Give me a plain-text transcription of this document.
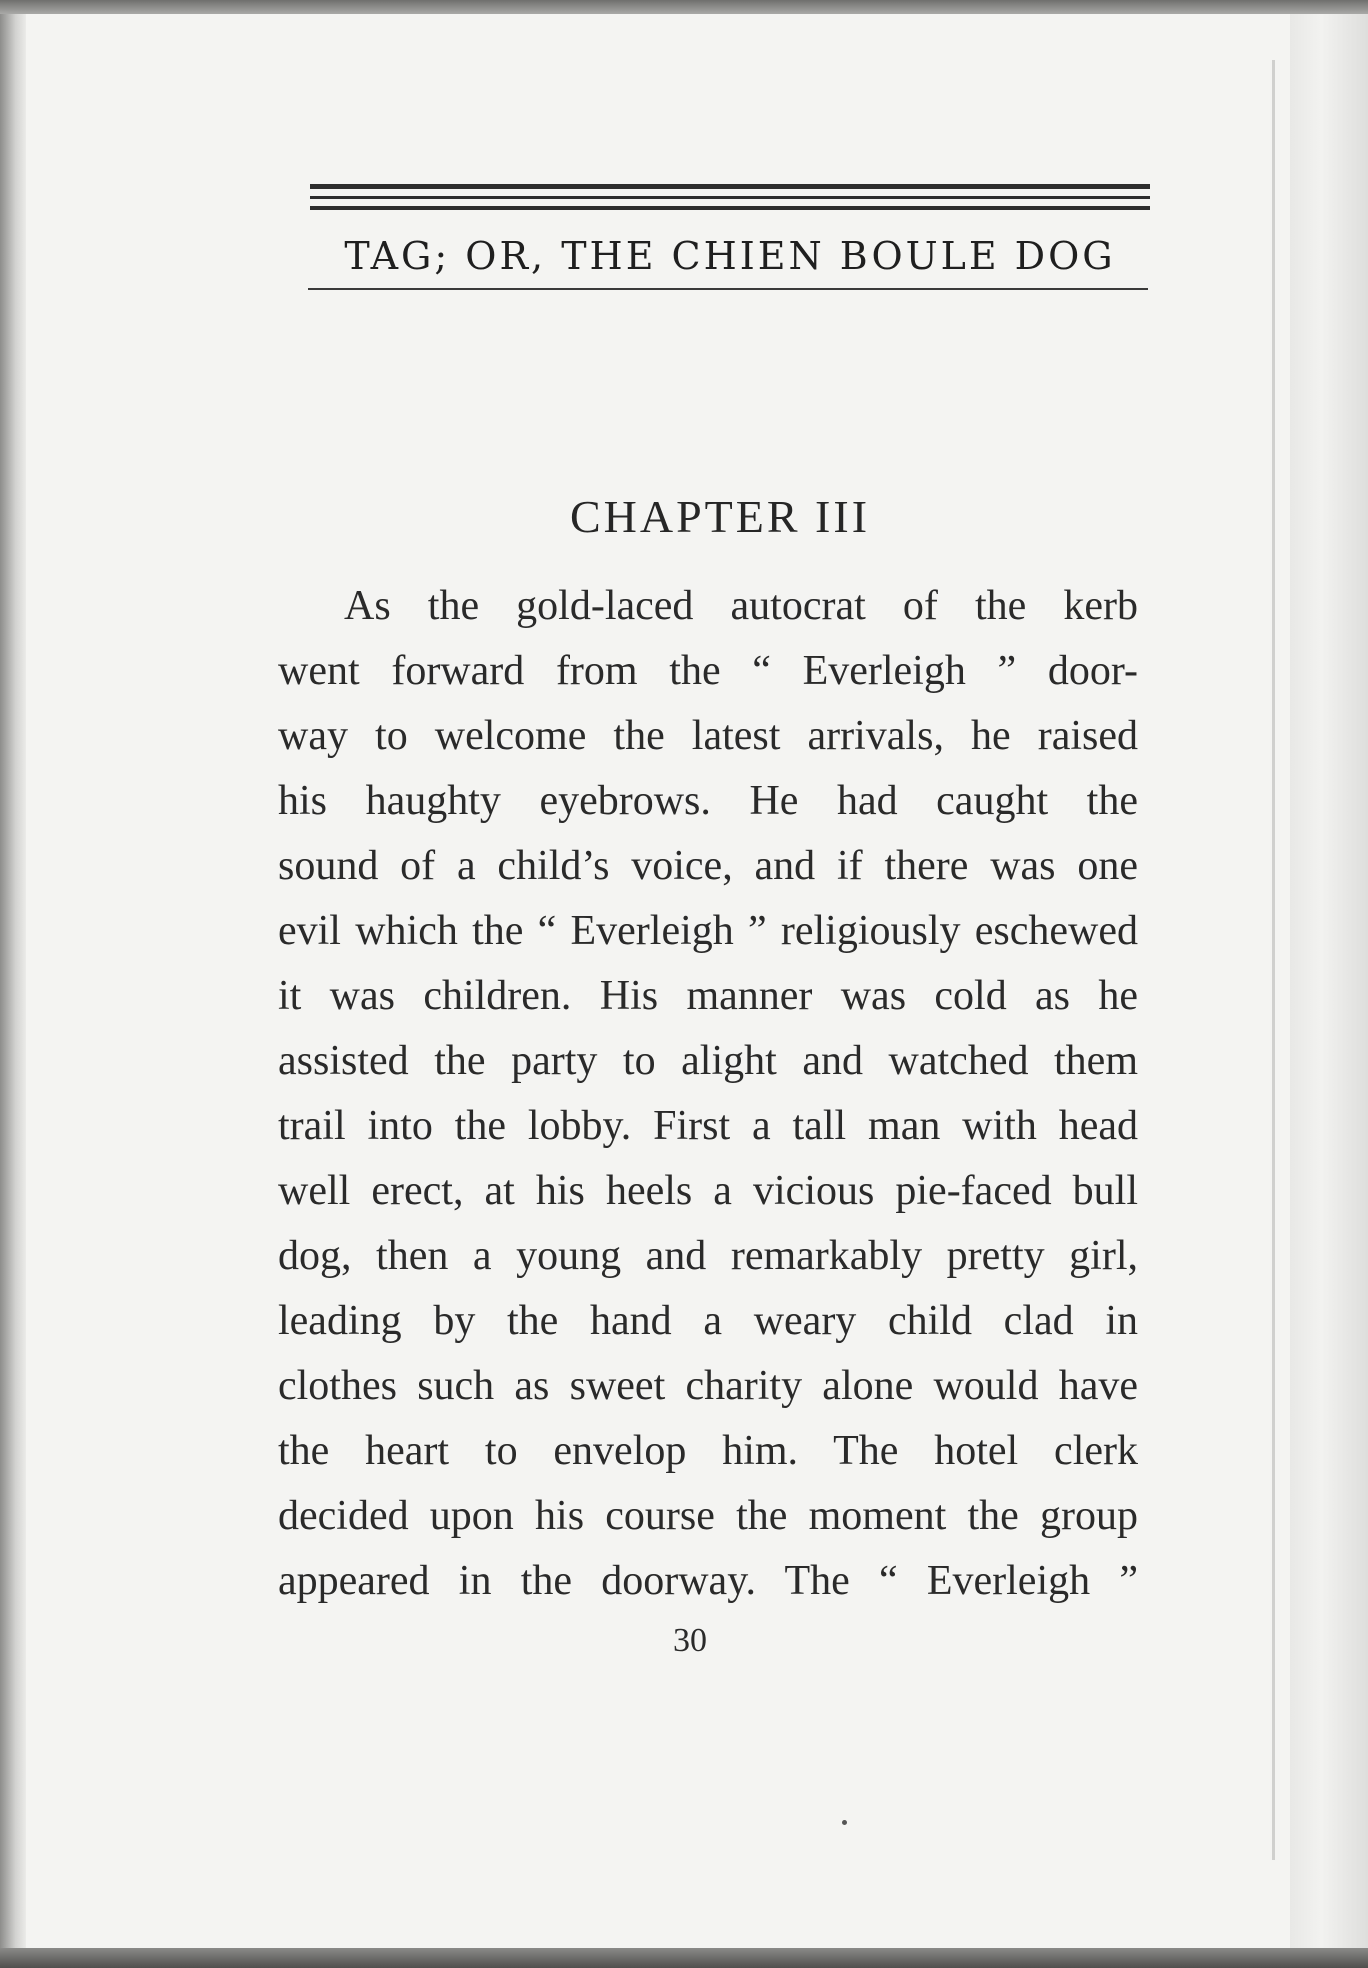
TAG; OR, THE CHIEN BOULE DOG
CHAPTER III
As the gold-laced autocrat of the kerb
went forward from the “ Everleigh ” door-
way to welcome the latest arrivals, he raised
his haughty eyebrows. He had caught the
sound of a child’s voice, and if there was one
evil which the “ Everleigh ” religiously eschewed
it was children. His manner was cold as he
assisted the party to alight and watched them
trail into the lobby. First a tall man with head
well erect, at his heels a vicious pie-faced bull
dog, then a young and remarkably pretty girl,
leading by the hand a weary child clad in
clothes such as sweet charity alone would have
the heart to envelop him. The hotel clerk
decided upon his course the moment the group
appeared in the doorway. The “ Everleigh ”
30
